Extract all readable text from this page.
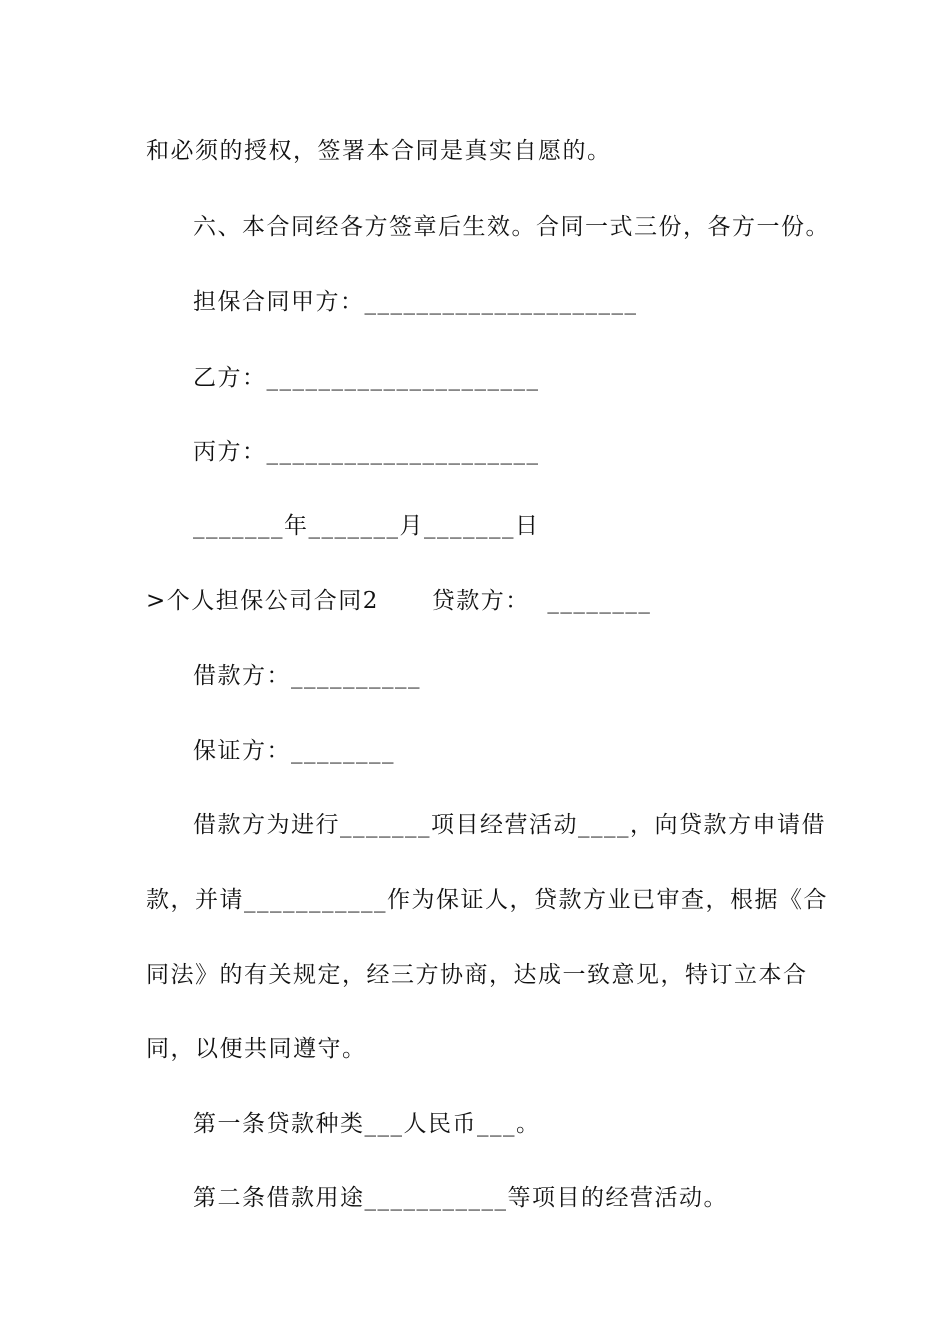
和必须的授权，签署本合同是真实自愿的。
六、本合同经各方签章后生效。合同一式三份，各方一份。
担保合同甲方：_____________________
乙方：_____________________
丙方：_____________________
_______年_______月_______日
>个人担保公司合同2      贷款方：  ________
借款方：__________
保证方：________
借款方为进行_______项目经营活动____，向贷款方申请借
款，并请___________作为保证人，贷款方业已审查，根据《合
同法》的有关规定，经三方协商，达成一致意见，特订立本合
同，以便共同遵守。
第一条贷款种类___人民币___。
第二条借款用途___________等项目的经营活动。
